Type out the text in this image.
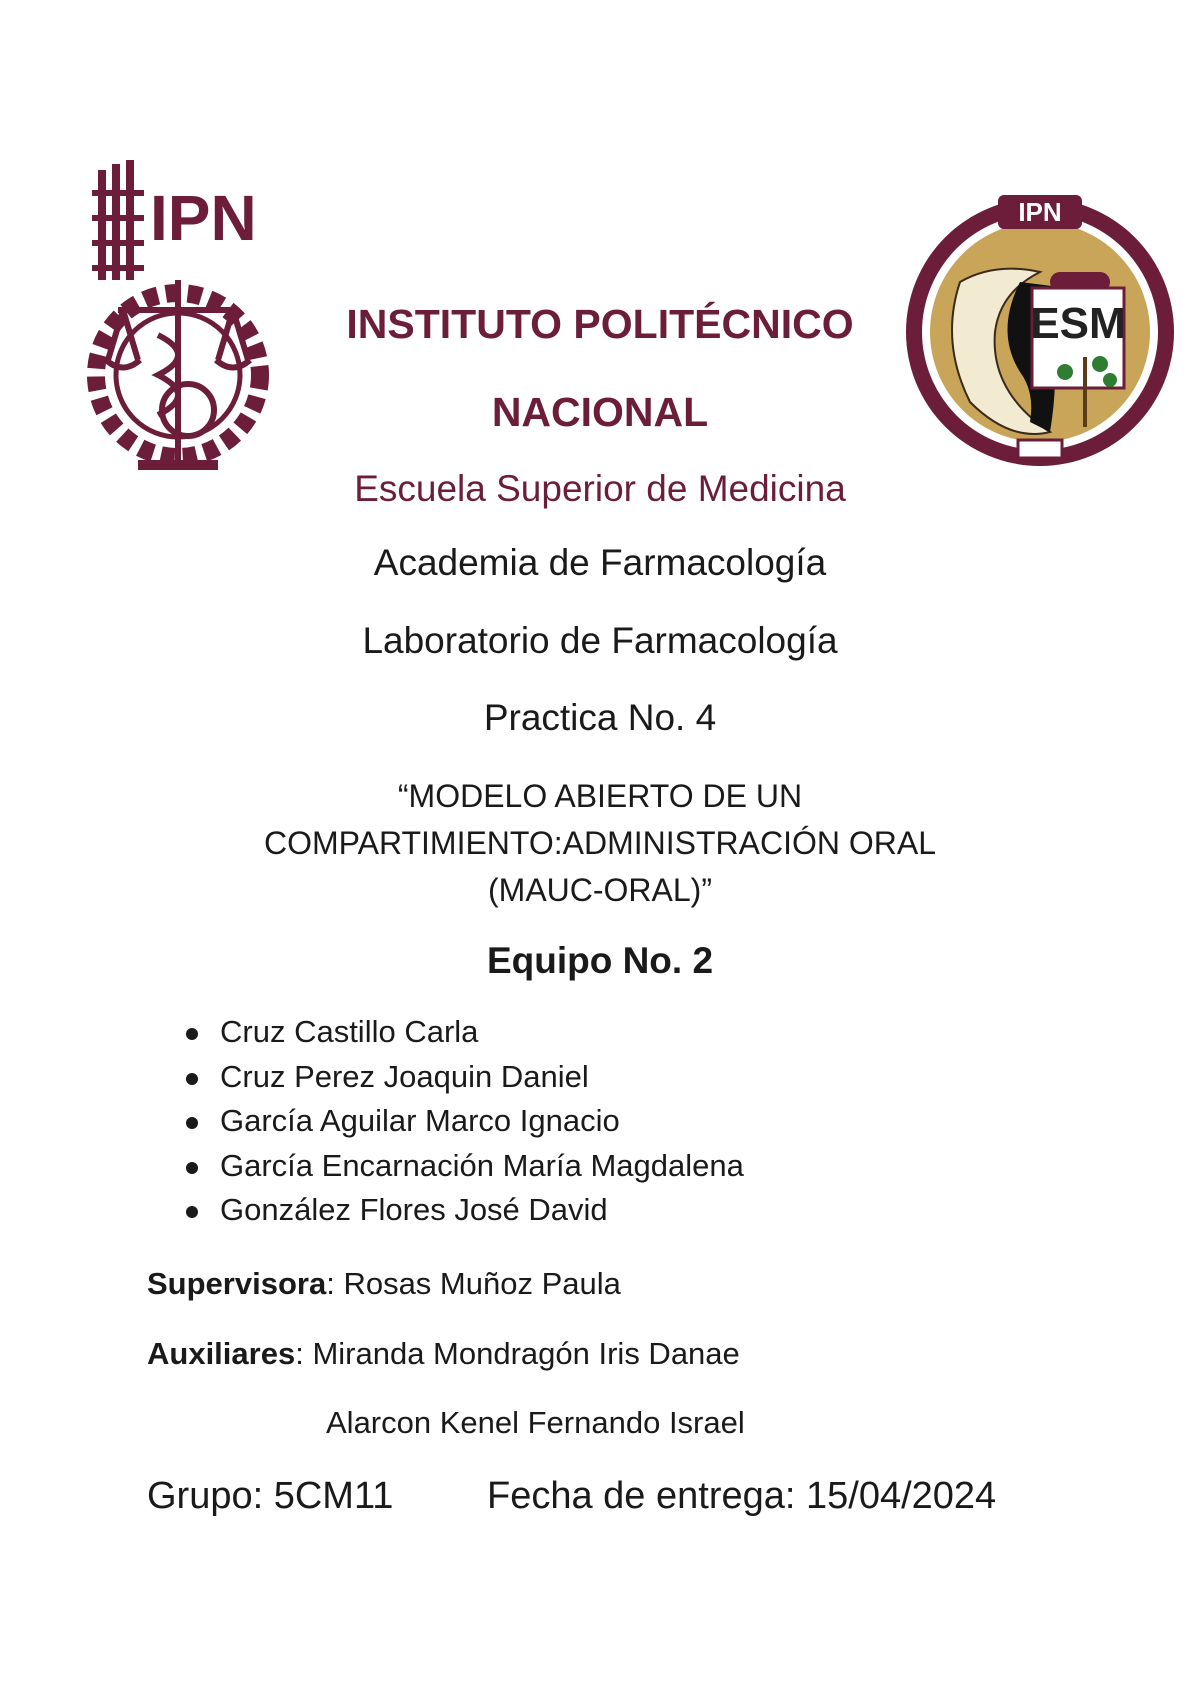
IPN
ESM
IPN
INSTITUTO POLITÉCNICO
NACIONAL
Escuela Superior de Medicina
Academia de Farmacología
Laboratorio de Farmacología
Practica No. 4
“MODELO ABIERTO DE UN
COMPARTIMIENTO:ADMINISTRACIÓN ORAL
(MAUC-ORAL)”
Equipo No. 2
Cruz Castillo Carla
Cruz Perez Joaquin Daniel
García Aguilar Marco Ignacio
García Encarnación María Magdalena
González Flores José David
Supervisora: Rosas Muñoz Paula
Auxiliares: Miranda Mondragón Iris Danae
Alarcon Kenel Fernando Israel
Grupo: 5CM11 Fecha de entrega: 15/04/2024
